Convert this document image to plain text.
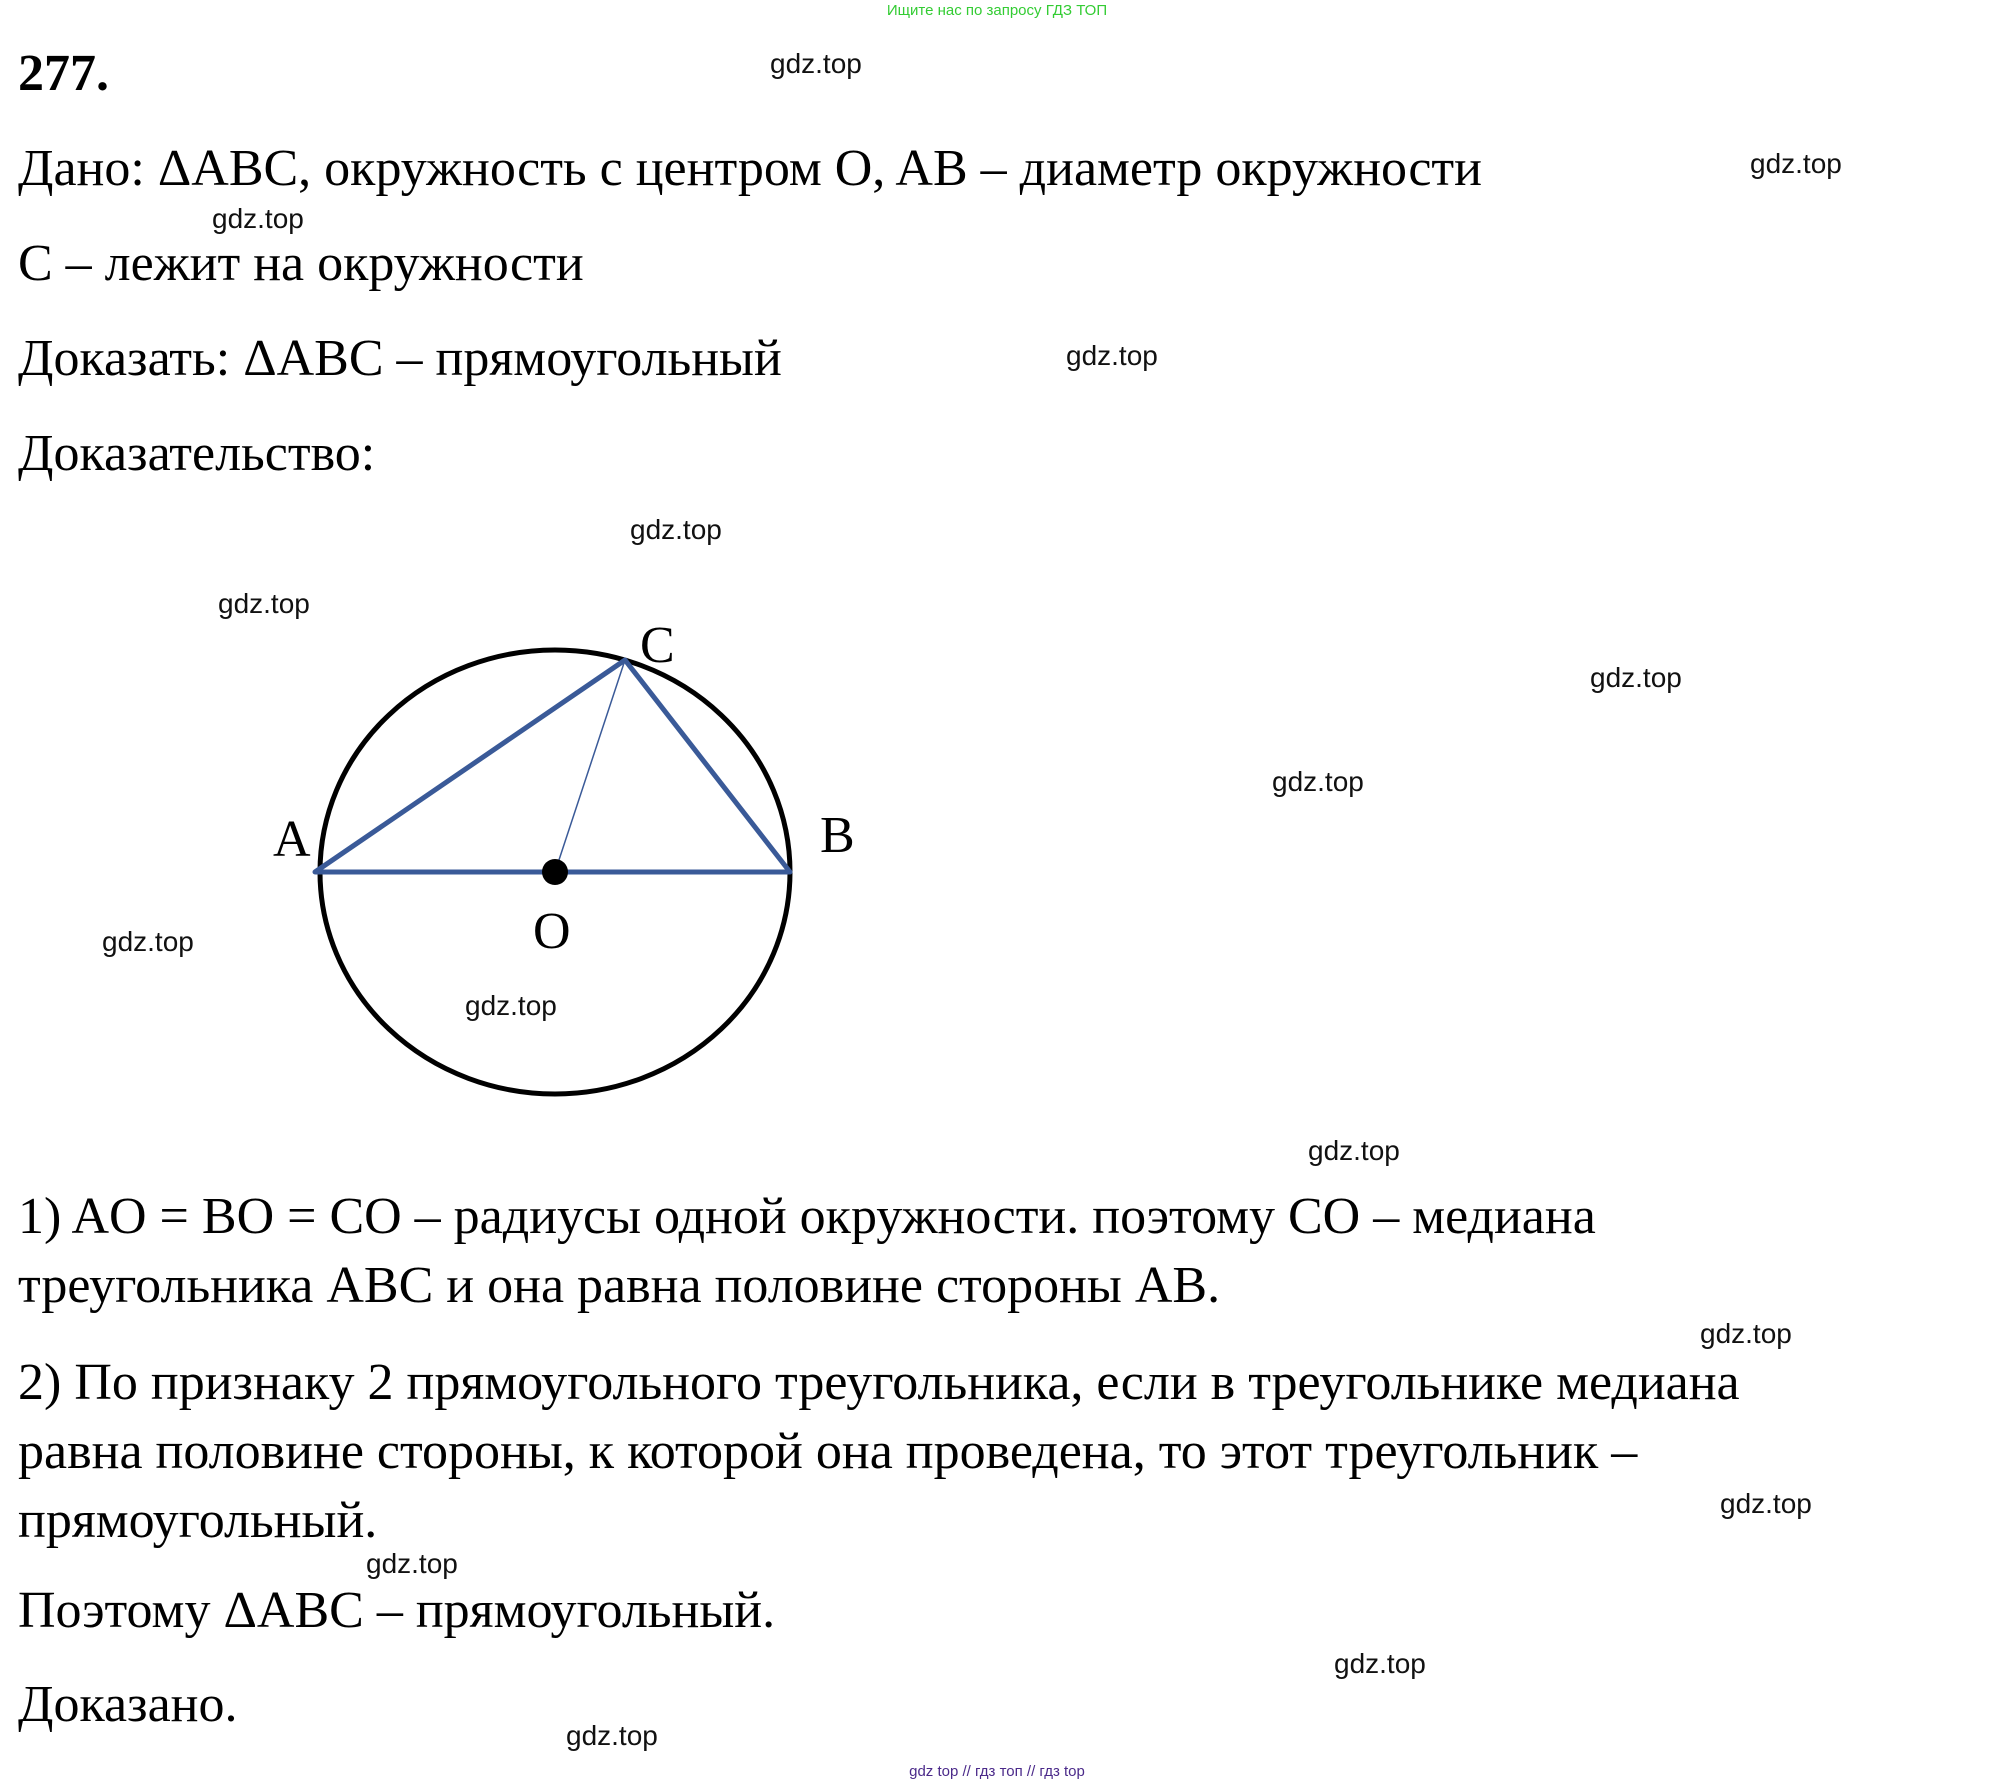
Ищите нас по запросу ГДЗ ТОП
277.
Дано: ΔABC, окружность с центром O, AB – диаметр окружности
C – лежит на окружности
Доказать: ΔABC – прямоугольный
Доказательство:
A	B
C
O
1) AO = BO = CO – радиусы одной окружности. поэтому CO – медиана
треугольника ABC и она равна половине стороны AB.
2) По признаку 2 прямоугольного треугольника, если в треугольнике медиана
равна половине стороны, к которой она проведена, то этот треугольник –
прямоугольный.
Поэтому ΔABC – прямоугольный.
Доказано.
gdz.top
gdz.top
gdz.top
gdz.top
gdz.top
gdz.top
gdz.top
gdz.top
gdz.top
gdz.top
gdz.top
gdz.top
gdz.top
gdz.top
gdz.top
gdz.top
gdz top // гдз топ // гдз top
